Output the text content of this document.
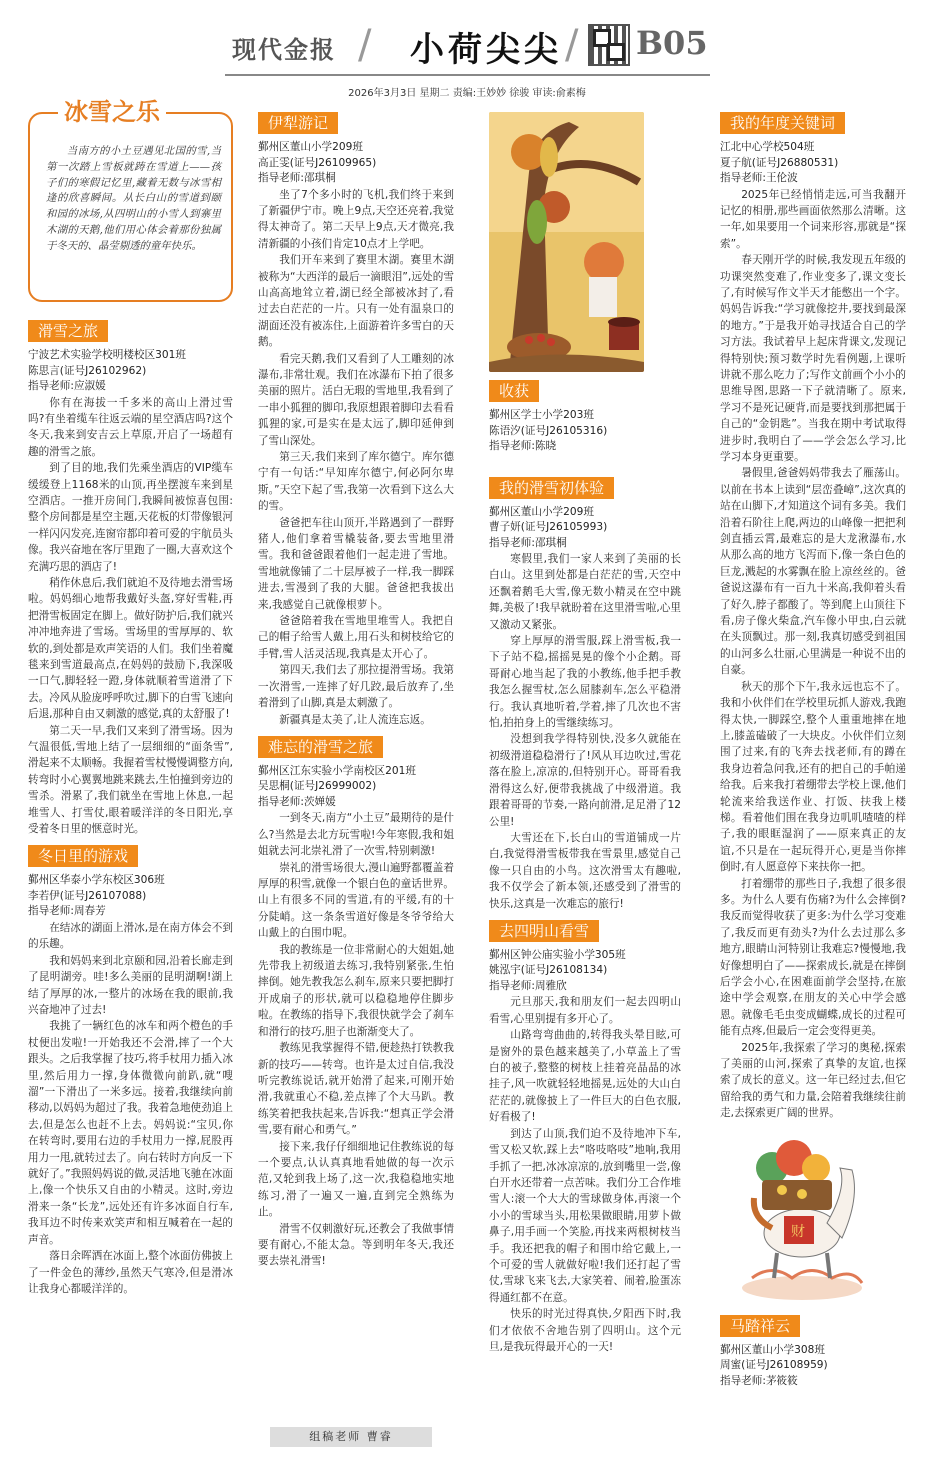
现代金报 / 小荷尖尖 / B05
2026年3月3日 星期二 责编:王妙妙 徐骏 审读:俞素梅
冰雪之乐
当南方的小土豆遇见北国的雪,当第一次踏上雪板就踌在雪道上——孩子们的寒假记忆里,藏着无数与冰雪相逢的欣喜瞬间。从长白山的雪道到颐和园的冰场,从四明山的小雪人到寨里木湖的天鹅,他们用心体会着那份独属于冬天的、晶莹剔透的童年快乐。
滑雪之旅
宁波艺术实验学校明楼校区301班
陈思言(证号J26102962)
指导老师:应淑媛

你有在海拔一千多米的高山上滑过雪吗?有坐着缆车往返云端的星空酒店吗?这个冬天,我来到安吉云上草原,开启了一场超有趣的滑雪之旅。

到了目的地,我们先乘坐酒店的VIP缆车缓缓登上1168米的山顶,再坐摆渡车来到星空酒店。一推开房间门,我瞬间被惊喜包围:整个房间都是星空主题,天花板的灯带像银河一样闪闪发亮,连窗帘都印着可爱的宇航员头像。我兴奋地在客厅里跑了一圈,大喜欢这个充满巧思的酒店了!

稍作休息后,我们就迫不及待地去滑雪场啦。妈妈细心地帮我戴好头盔,穿好雪鞋,再把滑雪板固定在脚上。做好防护后,我们就兴冲冲地奔进了雪场。雪场里的雪厚厚的、软软的,到处都是欢声笑语的人们。我们坐着魔毯来到雪道最高点,在妈妈的鼓励下,我深吸一口气,脚轻轻一蹬,身体就顺着雪道滑了下去。冷风从脸庞呼呼吹过,脚下的白雪飞速向后退,那种自由又刺激的感觉,真的太舒服了!

第二天一早,我们又来到了滑雪场。因为气温很低,雪地上结了一层细细的“面条雪”,滑起来不太顺畅。我握着雪杖慢慢调整方向,转弯时小心翼翼地跳来跳去,生怕撞到旁边的雪杀。滑累了,我们就坐在雪地上休息,一起堆雪人、打雪仗,眼着暖洋洋的冬日阳光,享受着冬日里的惬意时光。

冬日里的游戏
鄞州区华泰小学东校区306班
李若伊(证号J26107088)
指导老师:周春芳

在结冰的湖面上滑冰,是在南方体会不到的乐趣。

我和妈妈来到北京颐和园,沿着长廊走到了昆明湖旁。哇!多么美丽的昆明湖啊!湖上结了厚厚的冰,一整片的冰场在我的眼前,我兴奋地冲了过去!

我挑了一辆红色的冰车和两个橙色的手杖便出发啦!一开始我还不会滑,摔了一个大跟头。之后我掌握了技巧,将手杖用力插入冰里,然后用力一撑,身体微微向前趴,就“嗖溜”一下滑出了一米多远。接着,我继续向前移动,以妈妈为超过了我。我着急地使劲追上去,但是怎么也赶不上去。妈妈说:“宝贝,你在转弯时,要用右边的手杖用力一撑,屁股再用力一甩,就转过去了。向右转时方向反一下就好了。”我照妈妈说的做,灵活地飞驰在冰面上,像一个快乐又自由的小精灵。这时,旁边滑来一条“长龙”,远处还有许多冰面自行车,我耳边不时传来欢笑声和相互喊着在一起的声音。

落日余晖洒在冰面上,整个冰面仿佛披上了一件金色的薄纱,虽然天气寒冷,但是滑冰让我身心都暖洋洋的。

伊犁游记
鄞州区董山小学209班
高正雯(证号J26109965)
指导老师:邵琪桐

坐了7个多小时的飞机,我们终于来到了新疆伊宁市。晚上9点,天空还亮着,我觉得太神奇了。第二天早上9点,天才微亮,我清新疆的小孩们肯定10点才上学吧。

我们开车来到了赛里木湖。赛里木湖被称为“大西洋的最后一滴眼泪”,远处的雪山高高地耸立着,湖已经全部被冰封了,看过去白茫茫的一片。只有一处有温泉口的湖面还没有被冻住,上面游着许多雪白的天鹅。

看完天鹅,我们又看到了人工雕刻的冰瀑布,非常壮观。我们在冰瀑布下拍了很多美丽的照片。活白无瑕的雪地里,我看到了一串小狐狸的脚印,我原想跟着脚印去看看狐狸的家,可是实在是太远了,脚印延伸到了雪山深处。

第三天,我们来到了库尔德宁。库尔德宁有一句话:“早知库尔德宁,何必阿尔卑斯。”天空下起了雪,我第一次看到下这么大的雪。

爸爸把车往山顶开,半路遇到了一群野猪人,他们拿着雪橇装备,要去雪地里滑雪。我和爸爸跟着他们一起走进了雪地。雪地就像铺了二十层厚被子一样,我一脚踩进去,雪漫到了我的大腿。爸爸把我拔出来,我感觉自己就像根萝卜。

爸爸陪着我在雪地里堆雪人。我把自己的帽子给雪人戴上,用石头和树枝给它的手臂,雪人活灵活现,我真是太开心了。

第四天,我们去了那拉提滑雪场。我第一次滑雪,一连摔了好几跤,最后放弃了,坐着滑到了山脚,真是太刺激了。

新疆真是太美了,让人流连忘返。

难忘的滑雪之旅
鄞州区江东实验小学南校区201班
吴思桐(证号J26999002)
指导老师:茨婵媛

一到冬天,南方“小土豆”最期待的是什么?当然是去北方玩雪啦!今年寒假,我和姐姐就去河北崇礼滑了一次雪,特别刺激!

崇礼的滑雪场很大,漫山遍野都覆盖着厚厚的积雪,就像一个银白色的童话世界。山上有很多不同的雪道,有的平缓,有的十分陡峭。这一条条雪道好像是冬爷爷给大山戴上的白围巾呢。

我的教练是一位非常耐心的大姐姐,她先带我上初级道去练习,我特别紧张,生怕摔倒。她先教我怎么刹车,原来只要把脚打开成扇子的形状,就可以稳稳地停住脚步啦。在教练的指导下,我很快就学会了刹车和滑行的技巧,胆子也渐渐变大了。

教练见我掌握得不错,便趁热打铁教我新的技巧——转弯。也许是太过自信,我没听完教练说话,就开始滑了起来,可刚开始滑,我就重心不稳,差点摔了个大马趴。教练笑着把我扶起来,告诉我:“想真正学会滑雪,要有耐心和勇气。”

接下来,我仔仔细细地记住教练说的每一个要点,认认真真地看她做的每一次示范,又轮到我上场了,这一次,我稳稳地实地练习,滑了一遍又一遍,直到完全熟练为止。

滑雪不仅刺激好玩,还教会了我做事情要有耐心,不能太急。等到明年冬天,我还要去崇礼滑雪!

收获
鄞州区学士小学203班
陈语汐(证号J26105316)
指导老师:陈晓
我的滑雪初体验
鄞州区董山小学209班
曹子妍(证号J26105993)
指导老师:邵琪桐

寒假里,我们一家人来到了美丽的长白山。这里到处都是白茫茫的雪,天空中还飘着鹅毛大雪,像无数小精灵在空中跳舞,美极了!我早就盼着在这里滑雪啦,心里又激动又紧张。

穿上厚厚的滑雪服,踩上滑雪板,我一下子站不稳,摇摇晃晃的像个小企鹅。哥哥耐心地当起了我的小教练,他手把手教我怎么握雪杖,怎么屈膝刹车,怎么平稳滑行。我认真地听着,学着,摔了几次也不害怕,拍拍身上的雪继续练习。

没想到我学得特别快,没多久就能在初级滑道稳稳滑行了!风从耳边吹过,雪花落在脸上,凉凉的,但特别开心。哥哥看我滑得这么好,便带我挑战了中级滑道。我跟着哥哥的节奏,一路向前滑,足足滑了12公里!

大雪还在下,长白山的雪道铺成一片白,我觉得滑雪板带我在雪景里,感觉自己像一只自由的小鸟。这次滑雪太有趣啦,我不仅学会了新本领,还感受到了滑雪的快乐,这真是一次难忘的旅行!

去四明山看雪
鄞州区钟公庙实验小学305班
姚泓宇(证号J26108134)
指导老师:周雅欣

元旦那天,我和朋友们一起去四明山看雪,心里别提有多开心了。

山路弯弯曲曲的,转得我头晕目眩,可是窗外的景色越来越美了,小草盖上了雪白的被子,整整的树枝上挂着亮晶晶的冰挂子,风一吹就轻轻地摇晃,远处的大山白茫茫的,就像披上了一件巨大的白色衣服,好看极了!

到达了山顶,我们迫不及待地冲下车,雪又松又软,踩上去“咯吱咯吱”地响,我用手抓了一把,冰冰凉凉的,放到嘴里一尝,像白开水还带着一点苦味。我们分工合作堆雪人:滚一个大大的雪球做身体,再滚一个小小的雪球当头,用松果做眼睛,用萝卜做鼻子,用手画一个笑脸,再找来两根树枝当手。我还把我的帽子和围巾给它戴上,一个可爱的雪人就做好啦!我们还打起了雪仗,雪球飞来飞去,大家笑着、闹着,脸蛋冻得通红都不在意。

快乐的时光过得真快,夕阳西下时,我们才依依不舍地告别了四明山。这个元旦,是我玩得最开心的一天!

我的年度关键词
江北中心学校504班
夏子航(证号J26880531)
指导老师:王伦波

2025年已经悄悄走远,可当我翻开记忆的相册,那些画面依然那么清晰。这一年,如果要用一个词来形容,那就是“探索”。

春天刚开学的时候,我发现五年级的功课突然变难了,作业变多了,课文变长了,有时候写作文半天才能憋出一个字。妈妈告诉我:“学习就像挖井,要找到最深的地方。”于是我开始寻找适合自己的学习方法。我试着早上起床背课文,发现记得特别快;预习数学时先看例题,上课听讲就不那么吃力了;写作文前画个小小的思维导图,思路一下子就清晰了。原来,学习不是死记硬背,而是要找到那把属于自己的“金钥匙”。当我在期中考试取得进步时,我明白了——学会怎么学习,比学习本身更重要。

暑假里,爸爸妈妈带我去了雁荡山。以前在书本上读到“层峦叠嶂”,这次真的站在山脚下,才知道这个词有多美。我们沿着石阶往上爬,两边的山峰像一把把利剑直插云霄,最难忘的是大龙湫瀑布,水从那么高的地方飞泻而下,像一条白色的巨龙,溅起的水雾飘在脸上凉丝丝的。爸爸说这瀑布有一百九十米高,我仰着头看了好久,脖子都酸了。等到爬上山顶往下看,房子像火柴盒,汽车像小甲虫,白云就在头顶飘过。那一刻,我真切感受到祖国的山河多么壮丽,心里满是一种说不出的自豪。

秋天的那个下午,我永远也忘不了。我和小伙伴们在学校里玩抓人游戏,我跑得太快,一脚踩空,整个人重重地摔在地上,膝盖磕破了一大块皮。小伙伴们立刻围了过来,有的飞奔去找老师,有的蹲在我身边着急问我,还有的把自己的手帕递给我。后来我打着绷带去学校上课,他们轮流来给我送作业、打饭、扶我上楼梯。看着他们围在我身边叽叽喳喳的样子,我的眼眶湿润了——原来真正的友谊,不只是在一起玩得开心,更是当你摔倒时,有人愿意停下来扶你一把。

打着绷带的那些日子,我想了很多很多。为什么人要有伤痛?为什么会摔倒?我反而觉得收获了更多:为什么学习变难了,我反而更有劲头?为什么去过那么多地方,眼睛山河特别让我难忘?慢慢地,我好像想明白了——探索成长,就是在摔倒后学会小心,在困难面前学会坚持,在旅途中学会观察,在朋友的关心中学会感恩。就像毛毛虫变成蝴蝶,成长的过程可能有点疼,但最后一定会变得更美。

2025年,我探索了学习的奥秘,探索了美丽的山河,探索了真挚的友谊,也探索了成长的意义。这一年已经过去,但它留给我的勇气和力量,会陪着我继续往前走,去探索更广阔的世界。

财
马踏祥云
鄞州区董山小学308班
周蜜(证号J26108959)
指导老师:茅筱筱
组稿老师 曹睿
